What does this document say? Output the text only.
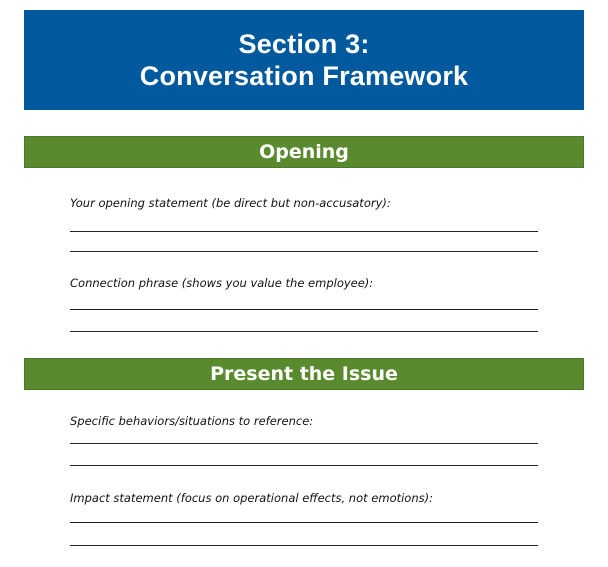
Section 3:
Conversation Framework
Opening
Your opening statement (be direct but non-accusatory):
Connection phrase (shows you value the employee):
Present the Issue
Specific behaviors/situations to reference:
Impact statement (focus on operational effects, not emotions):
